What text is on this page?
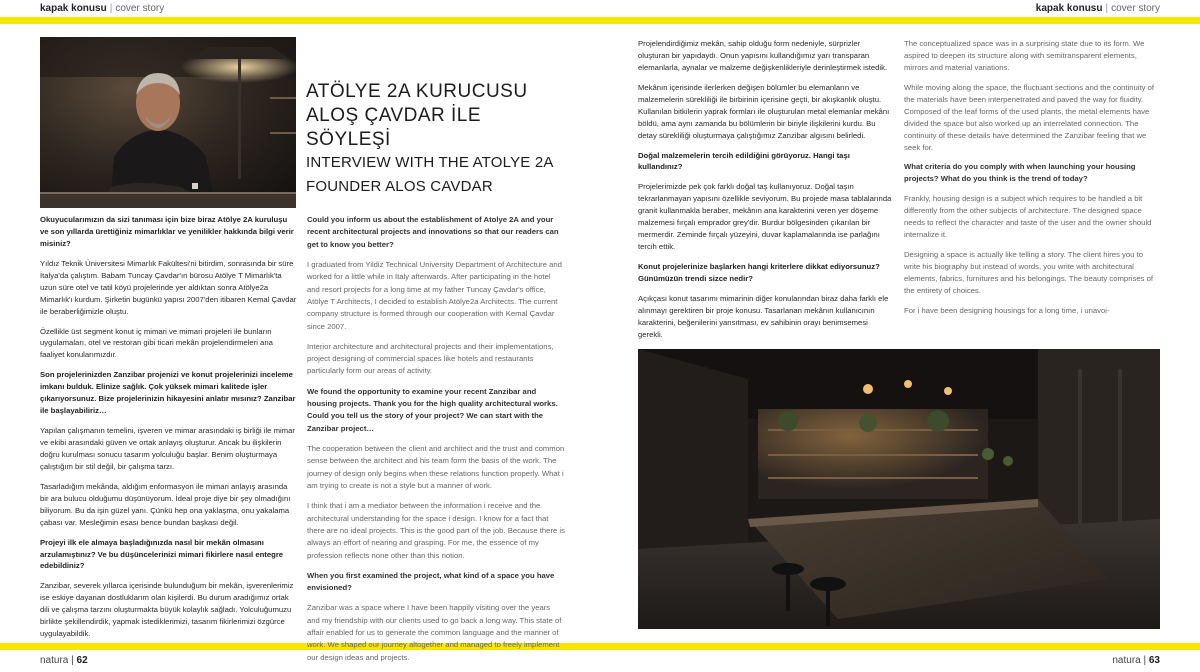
kapak konusu | cover story	kapak konusu | cover story
natura | 62	natura | 63
ATÖLYE 2A KURUCUSU
ALOŞ ÇAVDAR İLE SÖYLEŞİ
INTERVIEW WITH THE ATOLYE 2A
FOUNDER ALOS CAVDAR

Okuyucularımızın da sizi tanıması için bize biraz Atölye 2A kuruluşu ve son yıllarda ürettiğiniz mimarlıklar ve yenilikler hakkında bilgi verir misiniz?

Yıldız Teknik Üniversitesi Mimarlık Fakültesi'ni bitirdim, sonrasında bir süre İtalya'da çalıştım. Babam Tuncay Çavdar'ın bürosu Atölye T Mimarlık'ta uzun süre otel ve tatil köyü projelerinde yer aldıktan sonra Atölye2a Mimarlık'ı kurdum. Şirketin bugünkü yapısı 2007'den itibaren Kemal Çavdar ile beraberliğimizle oluştu.

Özellikle üst segment konut iç mimari ve mimari projeleri ile bunların uygulamaları, otel ve restoran gibi ticari mekân projelendirmeleri ana faaliyet konularımızdır.

Son projelerinizden Zanzibar projenizi ve konut projelerinizi inceleme imkanı bulduk. Elinize sağlık. Çok yüksek mimari kalitede işler çıkarıyorsunuz. Bize projelerinizin hikayesini anlatır mısınız? Zanzibar ile başlayabiliriz…

Yapılan çalışmanın temelini, işveren ve mimar arasındaki iş birliği ile mimar ve ekibi arasındaki güven ve ortak anlayış oluşturur. Ancak bu ilişkilerin doğru kurulması sonucu tasarım yolculuğu başlar. Benim oluşturmaya çalıştığım bir stil değil, bir çalışma tarzı.

Tasarladığım mekânda, aldığım enformasyon ile mimari anlayış arasında bir ara bulucu olduğumu düşünüyorum. İdeal proje diye bir şey olmadığını biliyorum. Bu da işin güzel yanı. Çünkü hep ona yaklaşma, onu yakalama çabası var. Mesleğimin esası bence bundan başkası değil.

Projeyi ilk ele almaya başladığınızda nasıl bir mekân olmasını arzulamıştınız? Ve bu düşüncelerinizi mimari fikirlere nasıl entegre edebildiniz?

Zanzibar, severek yıllarca içerisinde bulunduğum bir mekân, işverenlerimiz ise eskiye dayanan dostluklarım olan kişilerdi. Bu durum aradığımız ortak dili ve çalışma tarzını oluşturmakta büyük kolaylık sağladı. Yolculuğumuzu birlikte şekillendirdik, yapmak istediklerimizi, tasarım fikirlerimizi özgürce uygulayabildik.

Could you inform us about the establishment of Atolye 2A and your recent architectural projects and innovations so that our readers can get to know you better?

I graduated from Yildiz Technical University Department of Architecture and worked for a little while in Italy afterwards. After participating in the hotel and resort projects for a long time at my father Tuncay Çavdar's office, Atölye T Architects, I decided to establish Atölye2a Architects. The current company structure is formed through our cooperation with Kemal Çavdar since 2007.

Interior architecture and architectural projects and their implementations, project designing of commercial spaces like hotels and restaurants particularly form our areas of activity.

We found the opportunity to examine your recent Zanzibar and housing projects. Thank you for the high quality architectural works. Could you tell us the story of your project? We can start with the Zanzibar project…

The cooperation between the client and architect and the trust and common sense between the architect and his team form the basis of the work. The journey of design only begins when these relations function properly. What i am trying to create is not a style but a manner of work.

I think that i am a mediator between the information i receive and the architectural understanding for the space i design. I know for a fact that there are no ideal projects. This is the good part of the job. Because there is always an effort of nearing and grasping. For me, the essence of my profession reflects none other than this notion.

When you first examined the project, what kind of a space you have envisioned?

Zanzibar was a space where I have been happily visiting over the years and my friendship with our clients used to go back a long way. This state of affair enabled for us to generate the common language and the manner of work. We shaped our journey altogether and managed to freely implement our design ideas and projects.

Projelendirdiğimiz mekân, sahip olduğu form nedeniyle, sürprizler oluşturan bir yapıdaydı. Onun yapısını kullandığımız yarı transparan elemanlarla, aynalar ve malzeme değişkenlikleriyle derinleştirmek istedik.

Mekânın içerisinde ilerlerken değişen bölümler bu elemanların ve malzemelerin sürekliliği ile birbirinin içerisine geçti, bir akışkanlık oluştu. Kullanılan bitkilerin yaprak formları ile oluşturulan metal elemanlar mekânı böldü, ama aynı zamanda bu bölümlerin bir biriyle ilişkilerini kurdu. Bu detay sürekliliği oluşturmaya çalıştığımız Zanzibar algısını belirledi.

Doğal malzemelerin tercih edildiğini görüyoruz. Hangi taşı kullandınız?

Projelerimizde pek çok farklı doğal taş kullanıyoruz. Doğal taşın tekrarlanmayan yapısını özellikle seviyorum. Bu projede masa tablalarında granit kullanmakla beraber, mekânın ana karakterini veren yer döşeme malzemesi fırçalı emprador grey'dir. Burdur bölgesinden çıkarılan bir mermerdir. Zeminde fırçalı yüzeyini, duvar kaplamalarında ise parlağını tercih ettik.

Konut projelerinize başlarken hangi kriterlere dikkat ediyorsunuz? Günümüzün trendi sizce nedir?

Açıkçası konut tasarımı mimarinin diğer konularından biraz daha farklı ele alınmayı gerektiren bir proje konusu. Tasarlanan mekânın kullanıcının karakterini, beğenilerini yansıtması, ev sahibinin orayı benimsemesi gerekli.

The conceptualized space was in a surprising state due to its form. We aspired to deepen its structure along with semitransparent elements, mirrors and material variations.

While moving along the space, the fluctuant sections and the continuity of the materials have been interpenetrated and paved the way for fluidity. Composed of the leaf forms of the used plants, the metal elements have divided the space but also worked up an interrelated connection. The continuity of these details have determined the Zanzibar feeling that we seek for.

What criteria do you comply with when launching your housing projects? What do you think is the trend of today?

Frankly, housing design is a subject which requires to be handled a bit differently from the other subjects of architecture. The designed space needs to reflect the character and taste of the user and the owner should internalize it.

Designing a space is actually like telling a story. The client hires you to write his biography but instead of words, you write with architectural elements, fabrics, furnitures and his belongings. The beauty comprises of the entirety of choices.

For i have been designing housings for a long time, i unavoi-
